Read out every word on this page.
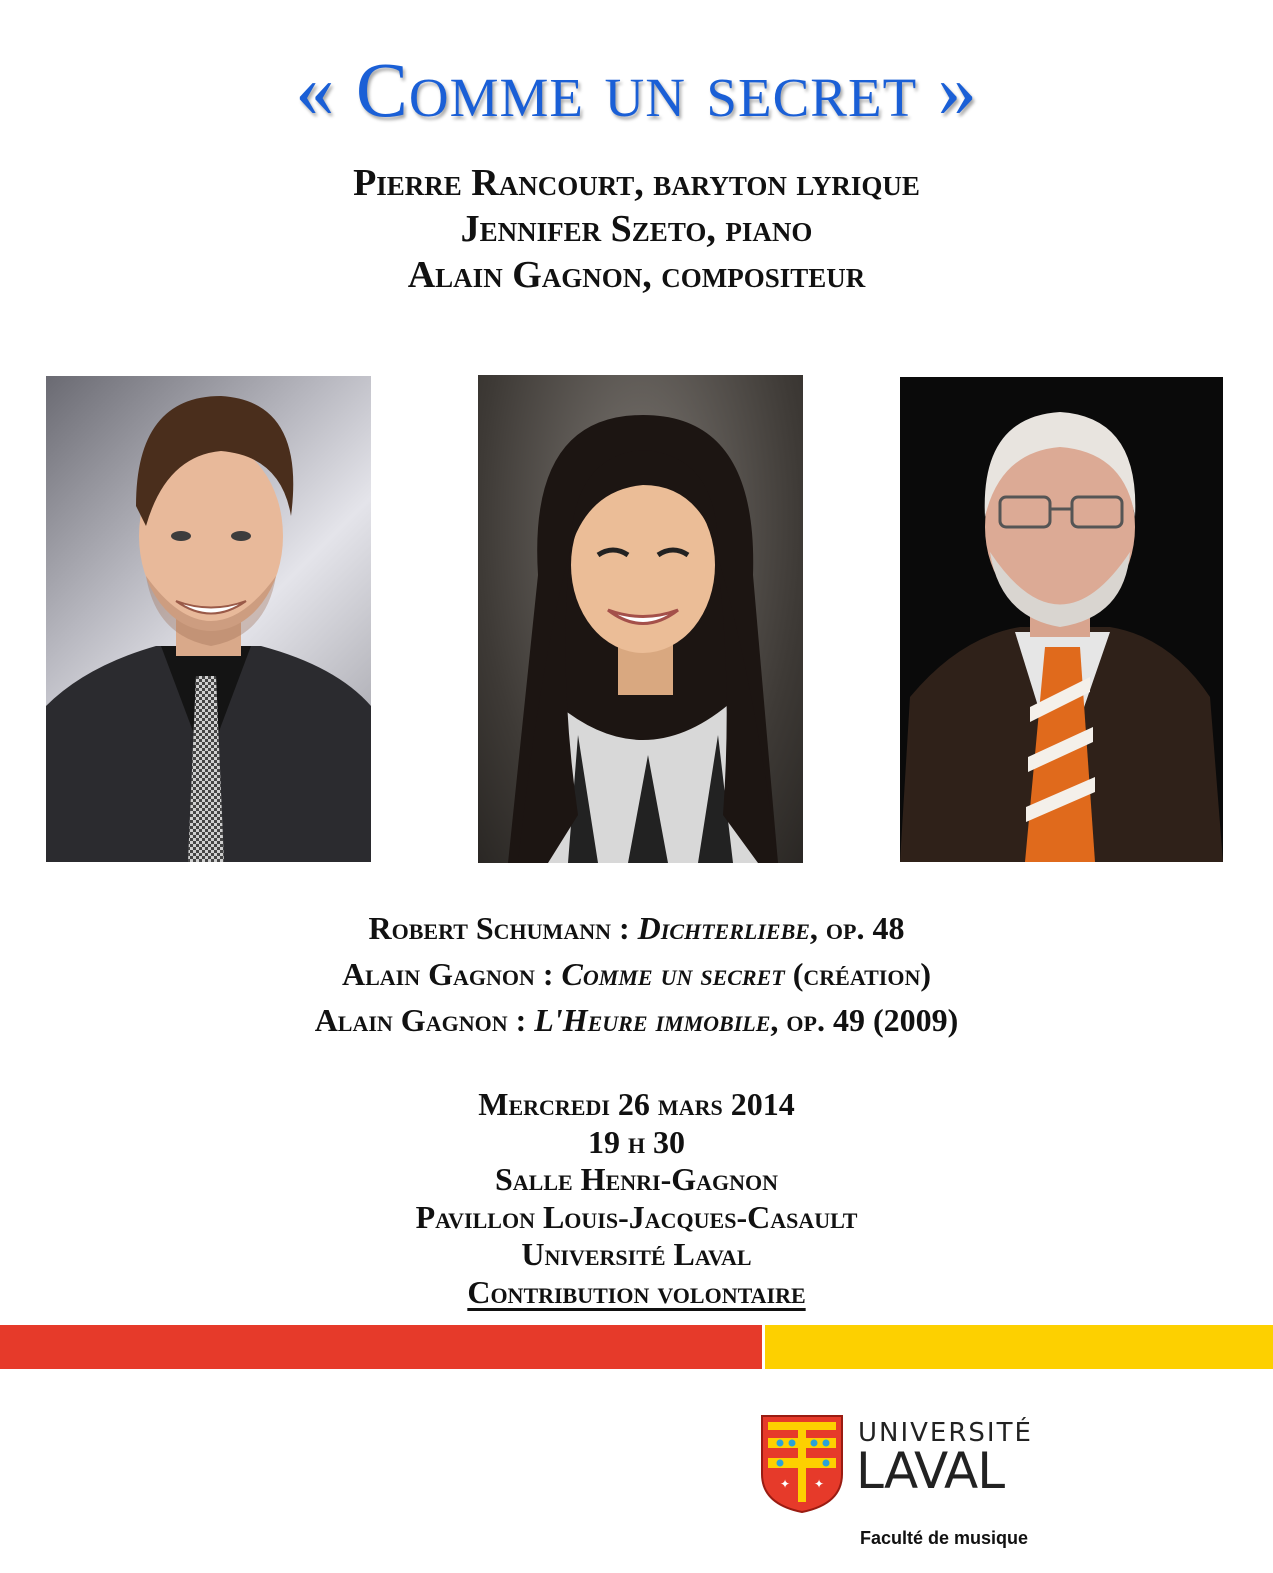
« Comme un secret »
Pierre Rancourt, baryton lyrique
Jennifer Szeto, piano
Alain Gagnon, compositeur
Robert Schumann : Dichterliebe, op. 48
Alain Gagnon : Comme un secret (création)
Alain Gagnon : L'Heure immobile, op. 49 (2009)
Mercredi 26 mars 2014
19 h 30
Salle Henri-Gagnon
Pavillon Louis-Jacques-Casault
Université Laval
Contribution volontaire
✦ ✦
UNIVERSITÉ
LAVAL
Faculté de musique
